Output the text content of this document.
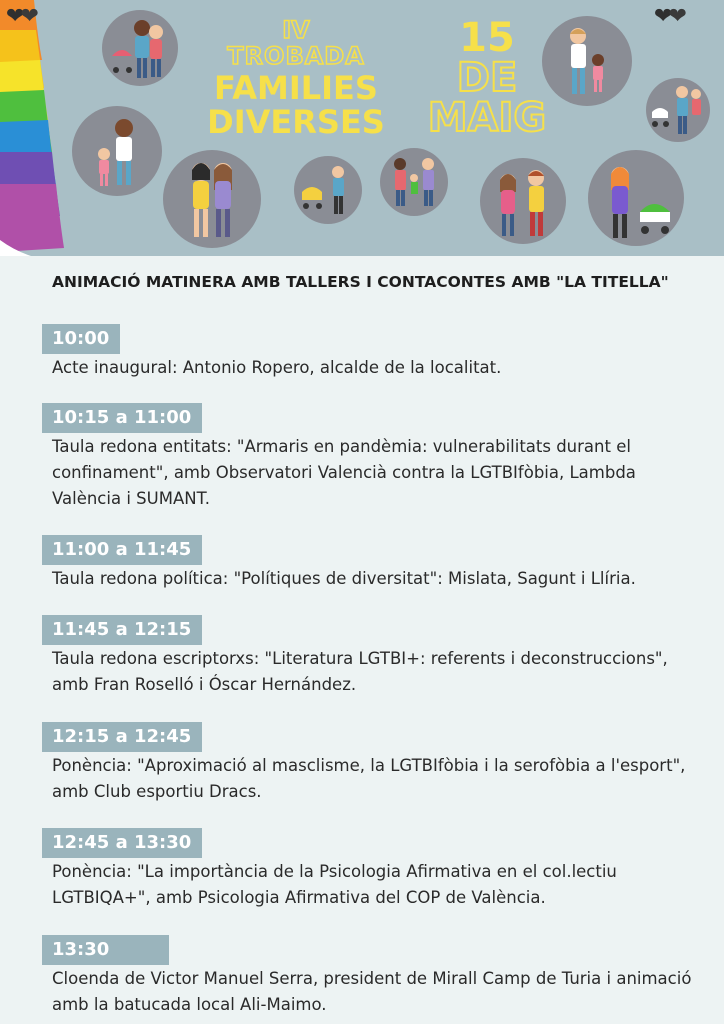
❤❤	❤❤
IV
TROBADA
FAMILIES
DIVERSES
15
DE
MAIG
ANIMACIÓ MATINERA AMB TALLERS I CONTACONTES AMB "LA TITELLA"
10:00
Acte inaugural: Antonio Ropero, alcalde de la localitat.
10:15 a 11:00
Taula redona entitats: "Armaris en pandèmia: vulnerabilitats durant el
confinament", amb Observatori Valencià contra la LGTBIfòbia, Lambda
València i SUMANT.
11:00 a 11:45
Taula redona política: "Polítiques de diversitat": Mislata, Sagunt i Llíria.
11:45 a 12:15
Taula redona escriptorxs: "Literatura LGTBI+: referents i deconstruccions",
amb Fran Roselló i Óscar Hernández.
12:15 a 12:45
Ponència: "Aproximació al masclisme, la LGTBIfòbia i la serofòbia a l'esport",
amb Club esportiu Dracs.
12:45 a 13:30
Ponència: "La importància de la Psicologia Afirmativa en el col.lectiu
LGTBIQA+", amb Psicologia Afirmativa del COP de València.
13:30
Cloenda de Victor Manuel Serra, president de Mirall Camp de Turia i animació
amb la batucada local Ali-Maimo.
